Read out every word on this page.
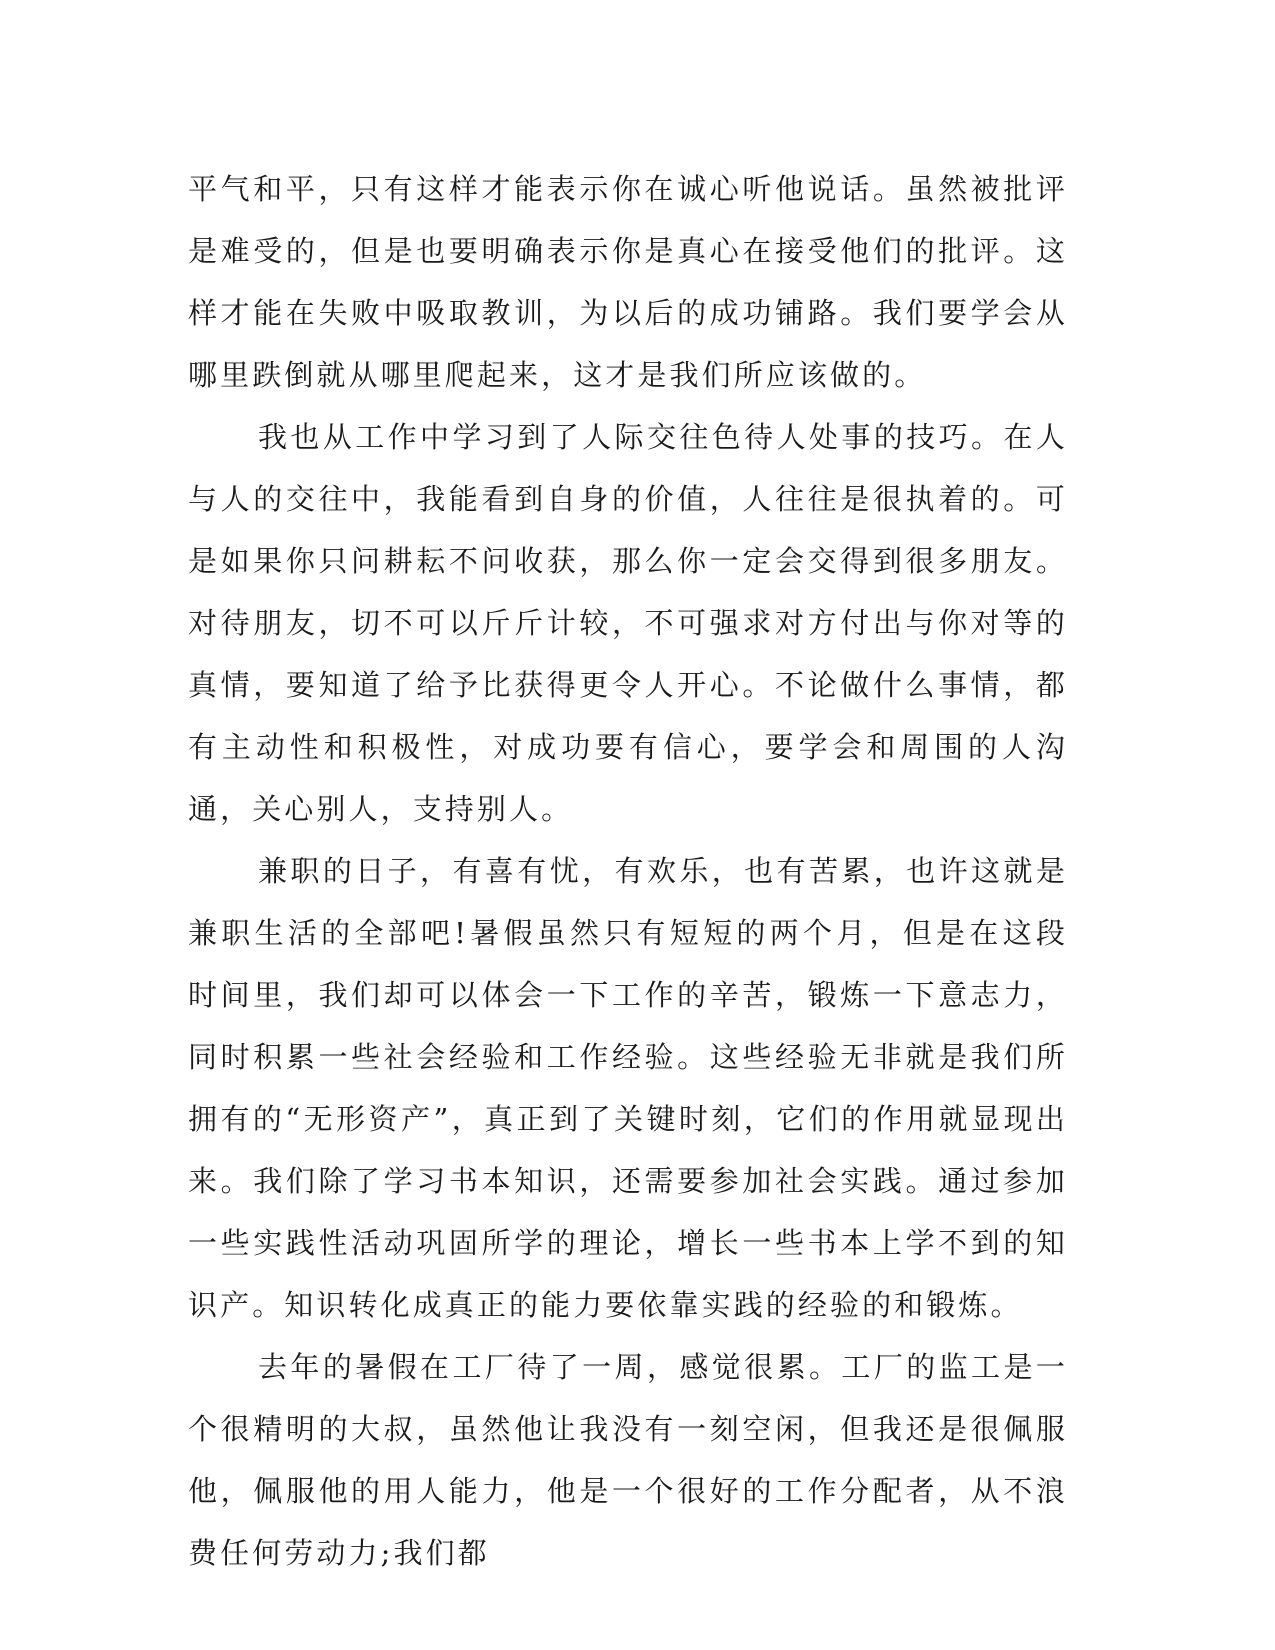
平气和平，只有这样才能表示你在诚心听他说话。虽然被批评是难受的，但是也要明确表示你是真心在接受他们的批评。这样才能在失败中吸取教训，为以后的成功铺路。我们要学会从哪里跌倒就从哪里爬起来，这才是我们所应该做的。

我也从工作中学习到了人际交往色待人处事的技巧。在人与人的交往中，我能看到自身的价值，人往往是很执着的。可是如果你只问耕耘不问收获，那么你一定会交得到很多朋友。对待朋友，切不可以斤斤计较，不可强求对方付出与你对等的真情，要知道了给予比获得更令人开心。不论做什么事情，都有主动性和积极性，对成功要有信心，要学会和周围的人沟通，关心别人，支持别人。

兼职的日子，有喜有忧，有欢乐，也有苦累，也许这就是兼职生活的全部吧!暑假虽然只有短短的两个月，但是在这段时间里，我们却可以体会一下工作的辛苦，锻炼一下意志力，同时积累一些社会经验和工作经验。这些经验无非就是我们所拥有的“无形资产”，真正到了关键时刻，它们的作用就显现出来。我们除了学习书本知识，还需要参加社会实践。通过参加一些实践性活动巩固所学的理论，增长一些书本上学不到的知识产。知识转化成真正的能力要依靠实践的经验的和锻炼。

去年的暑假在工厂待了一周，感觉很累。工厂的监工是一个很精明的大叔，虽然他让我没有一刻空闲，但我还是很佩服他，佩服他的用人能力，他是一个很好的工作分配者，从不浪费任何劳动力;我们都
